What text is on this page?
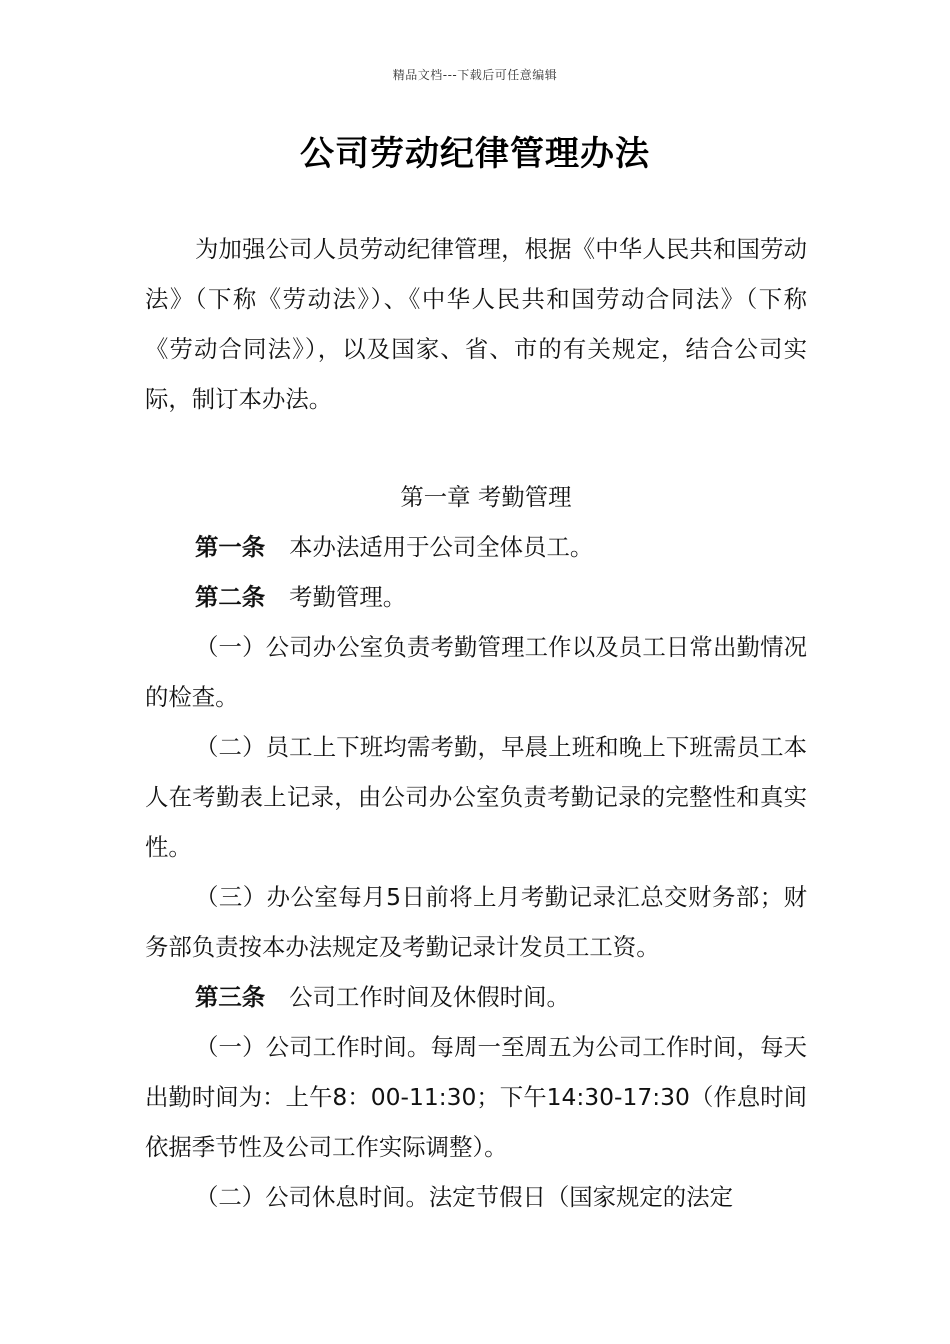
精品文档---下载后可任意编辑
公司劳动纪律管理办法

为加强公司人员劳动纪律管理，根据《中华人民共和国劳动法》（下称《劳动法》）、《中华人民共和国劳动合同法》（下称《劳动合同法》），以及国家、省、市的有关规定，结合公司实际，制订本办法。

第一章 考勤管理

第一条 本办法适用于公司全体员工。

第二条 考勤管理。

（一）公司办公室负责考勤管理工作以及员工日常出勤情况的检查。

（二）员工上下班均需考勤，早晨上班和晚上下班需员工本人在考勤表上记录，由公司办公室负责考勤记录的完整性和真实性。

（三）办公室每月5日前将上月考勤记录汇总交财务部；财务部负责按本办法规定及考勤记录计发员工工资。

第三条 公司工作时间及休假时间。

（一）公司工作时间。每周一至周五为公司工作时间，每天出勤时间为：上午8：00-11:30；下午14:30-17:30（作息时间依据季节性及公司工作实际调整）。

（二）公司休息时间。法定节假日（国家规定的法定
